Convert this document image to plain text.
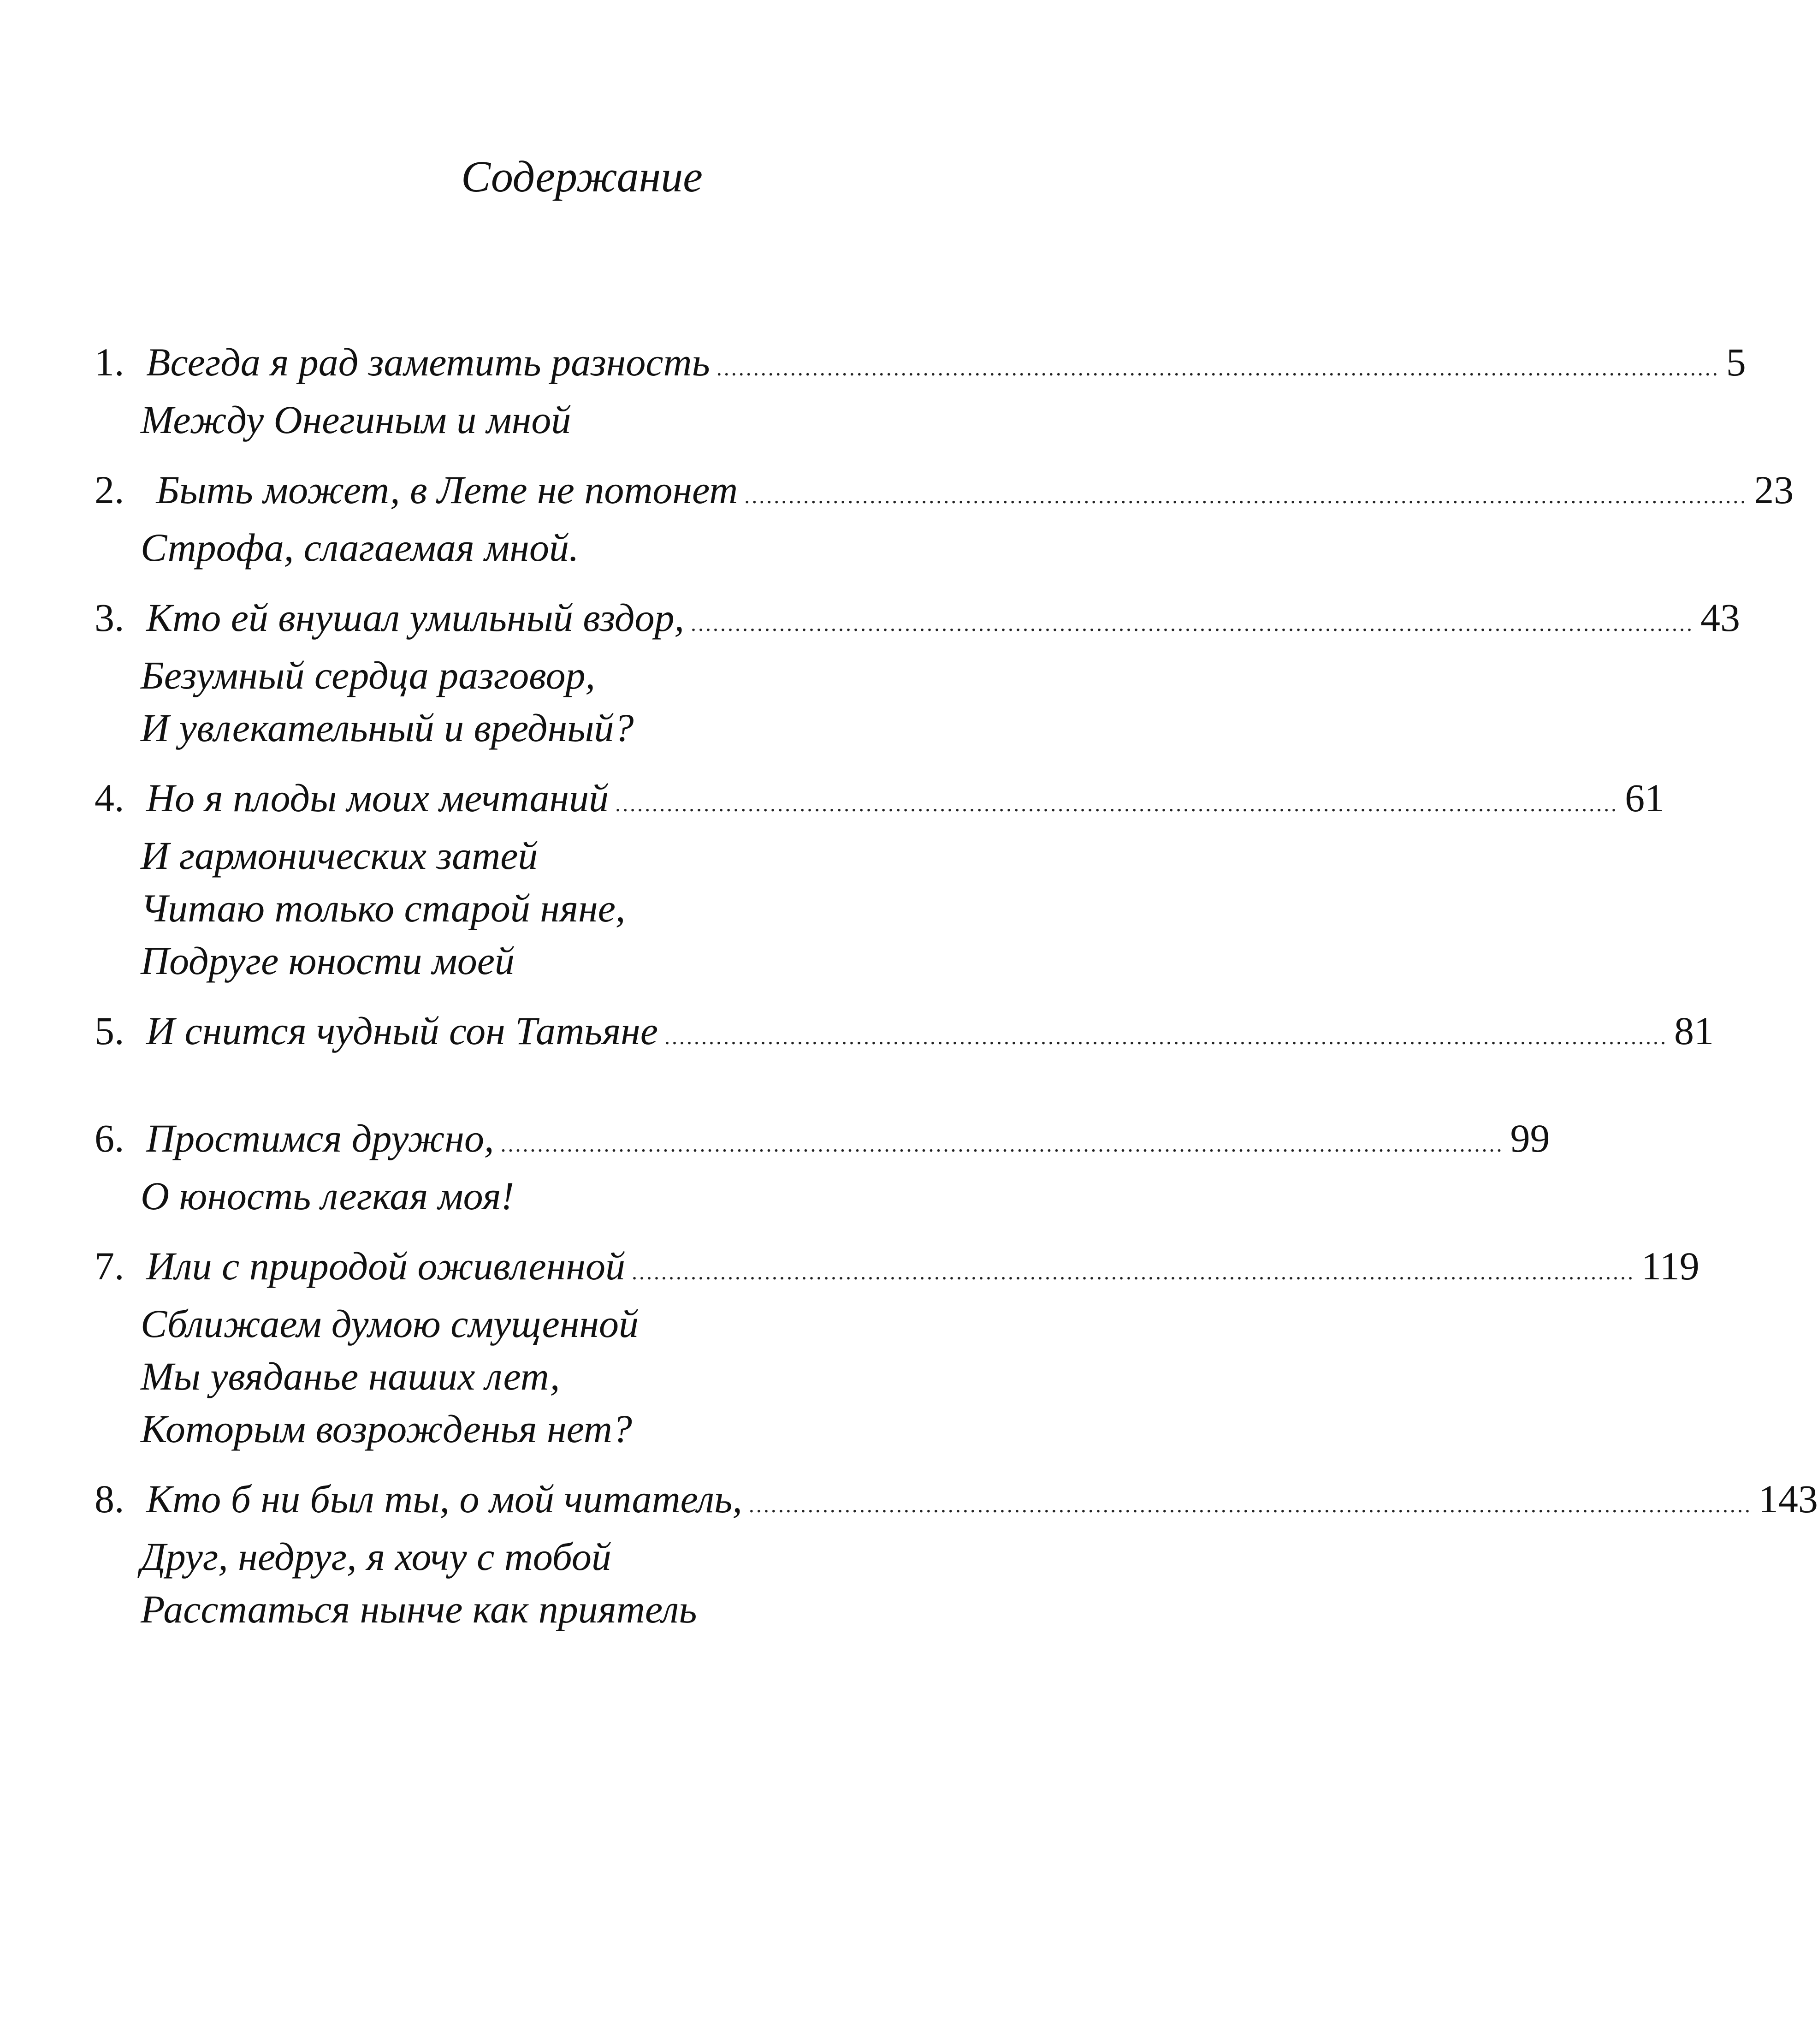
Содержание
1. Всегда я рад заметить разность ........................................................................................................................................ 5
Между Онегиным и мной
2. Быть может, в Лете не потонет ........................................................................................................................................ 23
Строфа, слагаемая мной.
3. Кто ей внушал умильный вздор, ........................................................................................................................................ 43
Безумный сердца разговор,
И увлекательный и вредный?
4. Но я плоды моих мечтаний ........................................................................................................................................ 61
И гармонических затей
Читаю только старой няне,
Подруге юности моей
5. И снится чудный сон Татьяне ........................................................................................................................................ 81
6. Простимся дружно, ........................................................................................................................................ 99
О юность легкая моя!
7. Или с природой оживленной ........................................................................................................................................ 119
Сближаем думою смущенной
Мы увяданье наших лет,
Которым возрожденья нет?
8. Кто б ни был ты, о мой читатель, ........................................................................................................................................ 143
Друг, недруг, я хочу с тобой
Расстаться нынче как приятель
